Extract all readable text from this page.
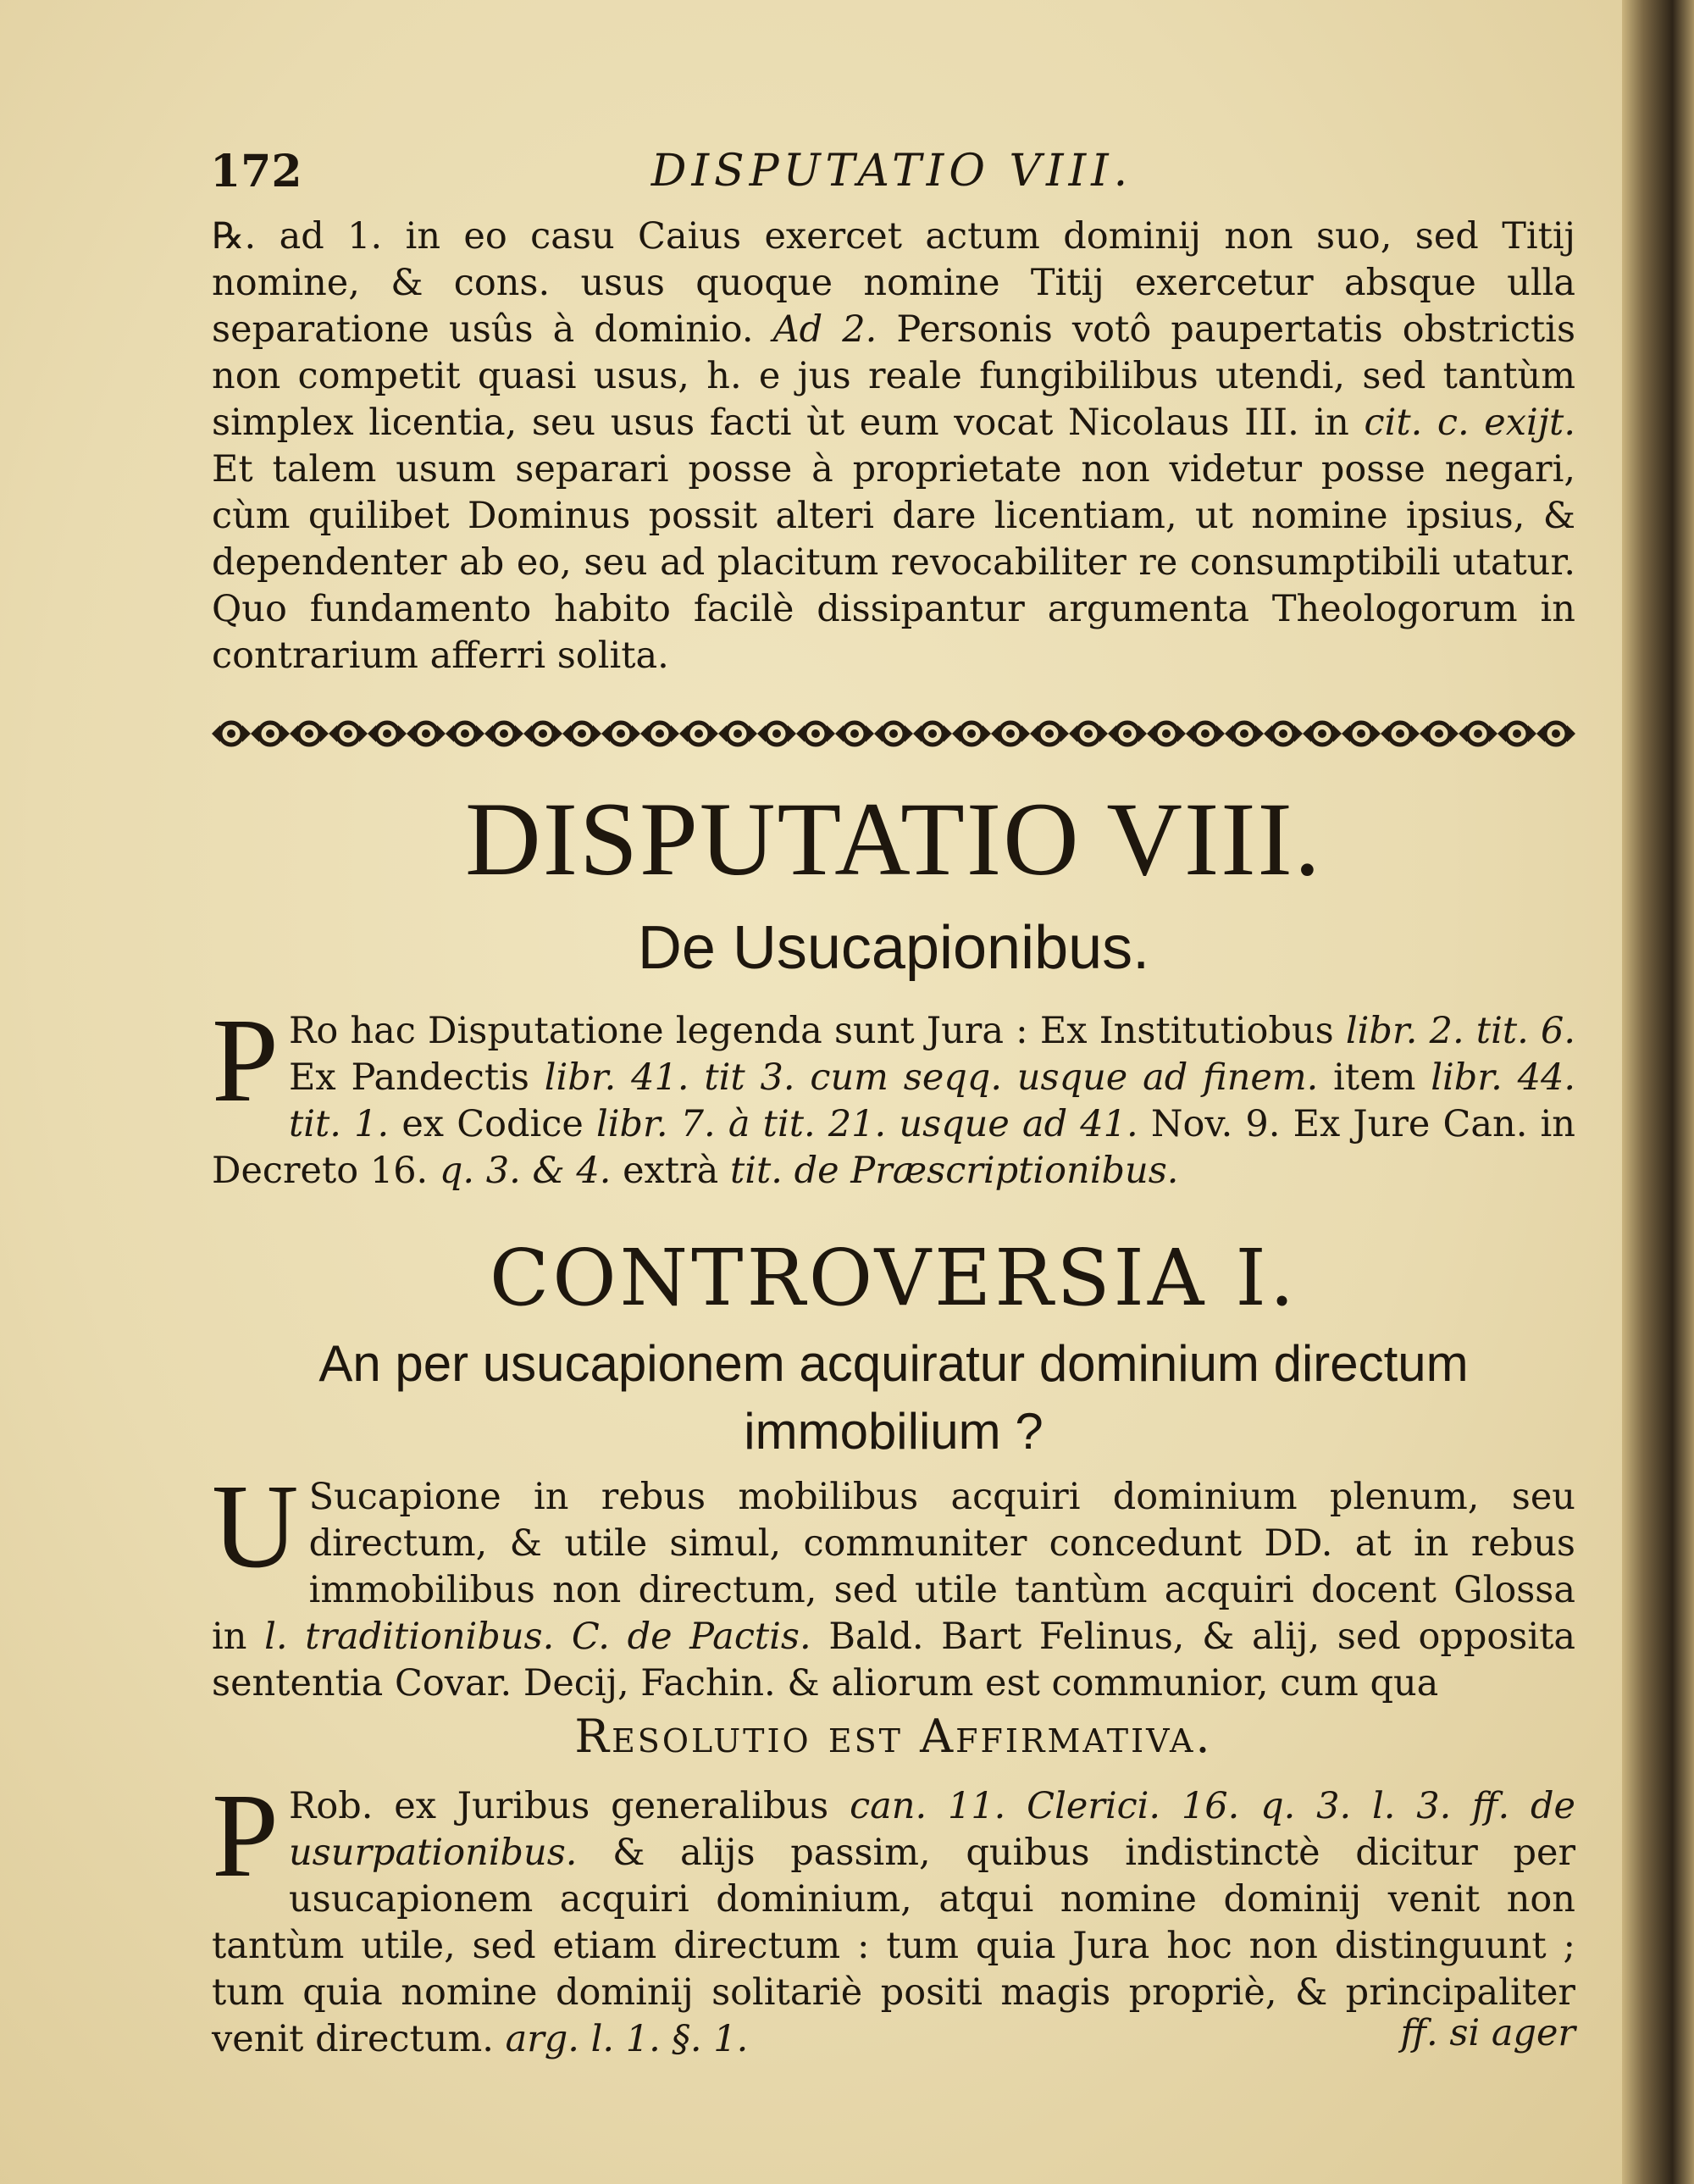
172	DISPUTATIO VIII.

℞. ad 1. in eo casu Caius exercet actum dominij non suo, sed Titij nomine, & cons. usus quoque nomine Titij exercetur absque ulla separatione usûs à dominio. Ad 2. Personis votô paupertatis obstrictis non competit quasi usus, h. e jus reale fungibilibus utendi, sed tantùm simplex licentia, seu usus facti ùt eum vocat Nicolaus III. in cit. c. exijt. Et talem usum separari posse à proprietate non videtur posse negari, cùm quilibet Dominus possit alteri dare licentiam, ut nomine ipsius, & dependenter ab eo, seu ad placitum revocabiliter re consumptibili utatur. Quo fundamento habito facilè dissipantur argumenta Theologorum in contrarium afferri solita.

DISPUTATIO VIII.
De Usucapionibus.

P Ro hac Disputatione legenda sunt Jura : Ex Institutiobus libr. 2. tit. 6. Ex Pandectis libr. 41. tit 3. cum seqq. usque ad finem. item libr. 44. tit. 1. ex Codice libr. 7. à tit. 21. usque ad 41. Nov. 9. Ex Jure Can. in Decreto 16. q. 3. & 4. extrà tit. de Præscriptionibus.

CONTROVERSIA I.
An per usucapionem acquiratur dominium directum immobilium ?

U Sucapione in rebus mobilibus acquiri dominium plenum, seu directum, & utile simul, communiter concedunt DD. at in rebus immobilibus non directum, sed utile tantùm acquiri docent Glossa in l. traditionibus. C. de Pactis. Bald. Bart Felinus, & alij, sed opposita sententia Covar. Decij, Fachin. & aliorum est communior, cum qua

Resolutio est Affirmativa.

P Rob. ex Juribus generalibus can. 11. Clerici. 16. q. 3. l. 3. ff. de usurpationibus. & alijs passim, quibus indistinctè dicitur per usucapionem acquiri dominium, atqui nomine dominij venit non tantùm utile, sed etiam directum : tum quia Jura hoc non distinguunt ; tum quia nomine dominij solitariè positi magis propriè, & principaliter venit directum. arg. l. 1. §. 1.	ff. si ager
